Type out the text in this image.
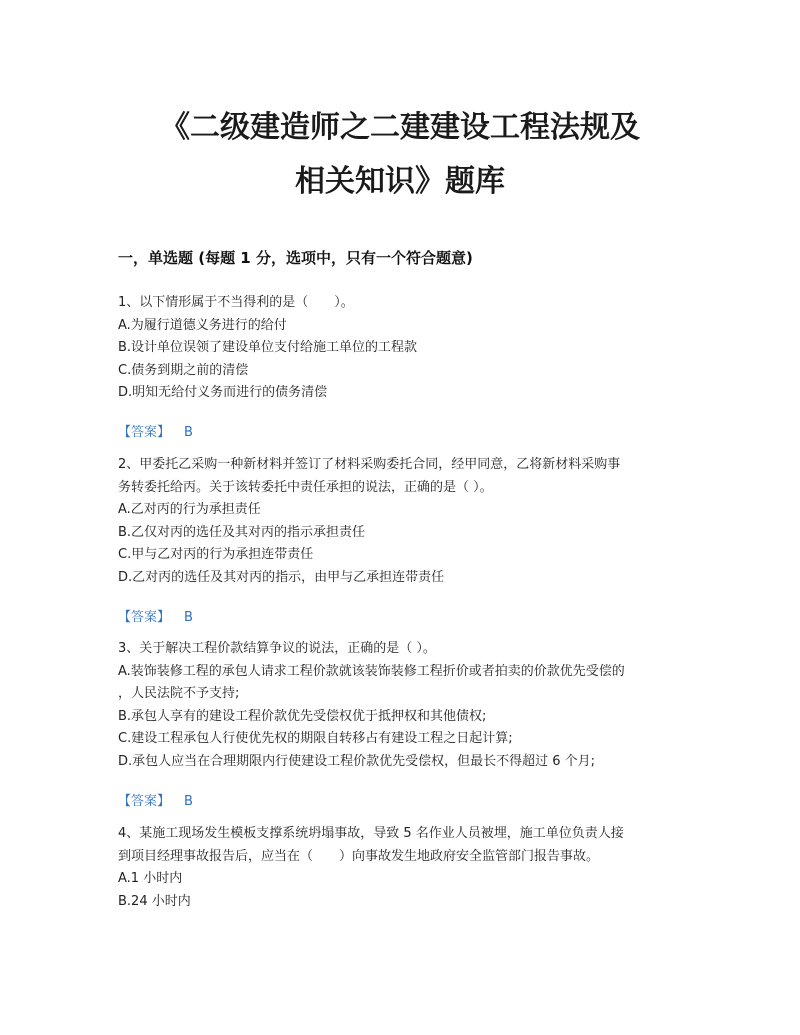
《二级建造师之二建建设工程法规及
相关知识》题库
一，单选题 (每题 1 分，选项中，只有一个符合题意)
1、以下情形属于不当得利的是（　　）。
A.为履行道德义务进行的给付
B.设计单位误领了建设单位支付给施工单位的工程款
C.债务到期之前的清偿
D.明知无给付义务而进行的债务清偿
【答案】 B
2、甲委托乙采购一种新材料并签订了材料采购委托合同，经甲同意，乙将新材料采购事
务转委托给丙。关于该转委托中责任承担的说法，正确的是（ ）。
A.乙对丙的行为承担责任
B.乙仅对丙的选任及其对丙的指示承担责任
C.甲与乙对丙的行为承担连带责任
D.乙对丙的选任及其对丙的指示，由甲与乙承担连带责任
【答案】 B
3、关于解决工程价款结算争议的说法，正确的是（ ）。
A.装饰装修工程的承包人请求工程价款就该装饰装修工程折价或者拍卖的价款优先受偿的
，人民法院不予支持;
B.承包人享有的建设工程价款优先受偿权优于抵押权和其他债权;
C.建设工程承包人行使优先权的期限自转移占有建设工程之日起计算;
D.承包人应当在合理期限内行使建设工程价款优先受偿权，但最长不得超过 6 个月;
【答案】 B
4、某施工现场发生模板支撑系统坍塌事故，导致 5 名作业人员被埋，施工单位负责人接
到项目经理事故报告后，应当在（　　）向事故发生地政府安全监管部门报告事故。
A.1 小时内
B.24 小时内
